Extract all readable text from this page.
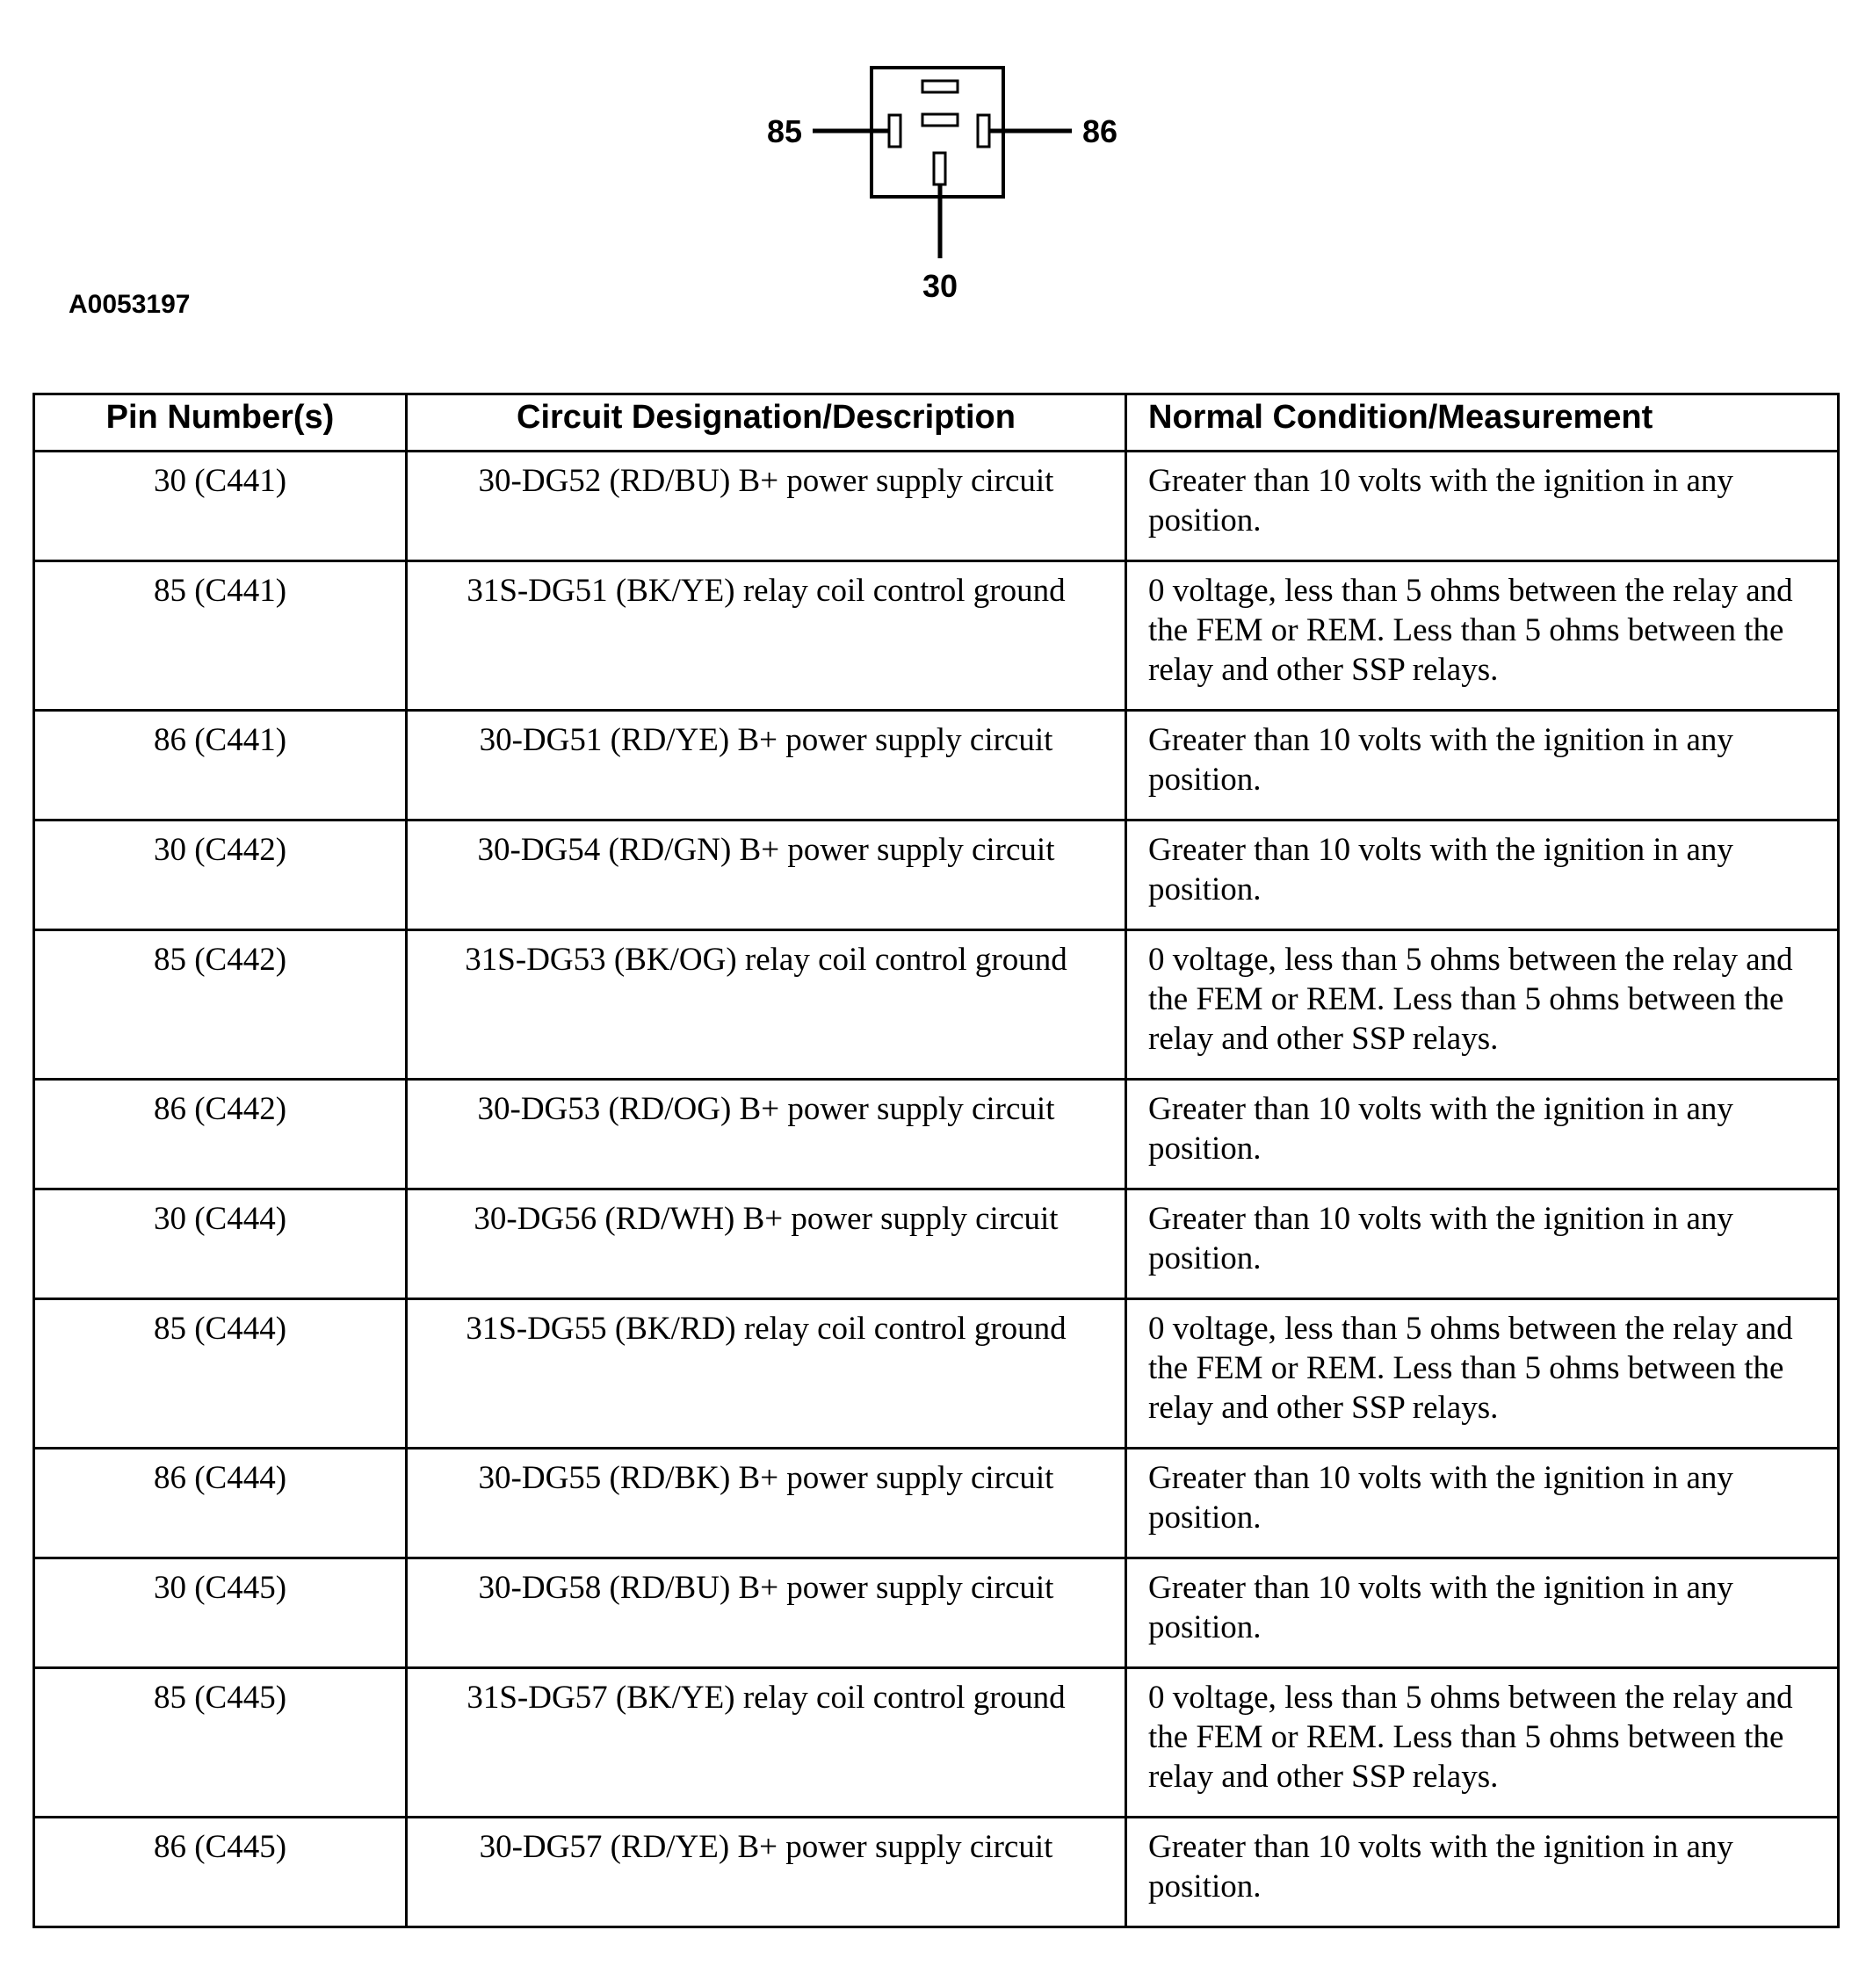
85	86
30
A0053197
Pin Number(s)	Circuit Designation/Description	Normal Condition/Measurement
30 (C441)	30-DG52 (RD/BU) B+ power supply circuit	Greater than 10 volts with the ignition in any position.
85 (C441)	31S-DG51 (BK/YE) relay coil control ground	0 voltage, less than 5 ohms between the relay and the FEM or REM. Less than 5 ohms between the relay and other SSP relays.
86 (C441)	30-DG51 (RD/YE) B+ power supply circuit	Greater than 10 volts with the ignition in any position.
30 (C442)	30-DG54 (RD/GN) B+ power supply circuit	Greater than 10 volts with the ignition in any position.
85 (C442)	31S-DG53 (BK/OG) relay coil control ground	0 voltage, less than 5 ohms between the relay and the FEM or REM. Less than 5 ohms between the relay and other SSP relays.
86 (C442)	30-DG53 (RD/OG) B+ power supply circuit	Greater than 10 volts with the ignition in any position.
30 (C444)	30-DG56 (RD/WH) B+ power supply circuit	Greater than 10 volts with the ignition in any position.
85 (C444)	31S-DG55 (BK/RD) relay coil control ground	0 voltage, less than 5 ohms between the relay and the FEM or REM. Less than 5 ohms between the relay and other SSP relays.
86 (C444)	30-DG55 (RD/BK) B+ power supply circuit	Greater than 10 volts with the ignition in any position.
30 (C445)	30-DG58 (RD/BU) B+ power supply circuit	Greater than 10 volts with the ignition in any position.
85 (C445)	31S-DG57 (BK/YE) relay coil control ground	0 voltage, less than 5 ohms between the relay and the FEM or REM. Less than 5 ohms between the relay and other SSP relays.
86 (C445)	30-DG57 (RD/YE) B+ power supply circuit	Greater than 10 volts with the ignition in any position.
